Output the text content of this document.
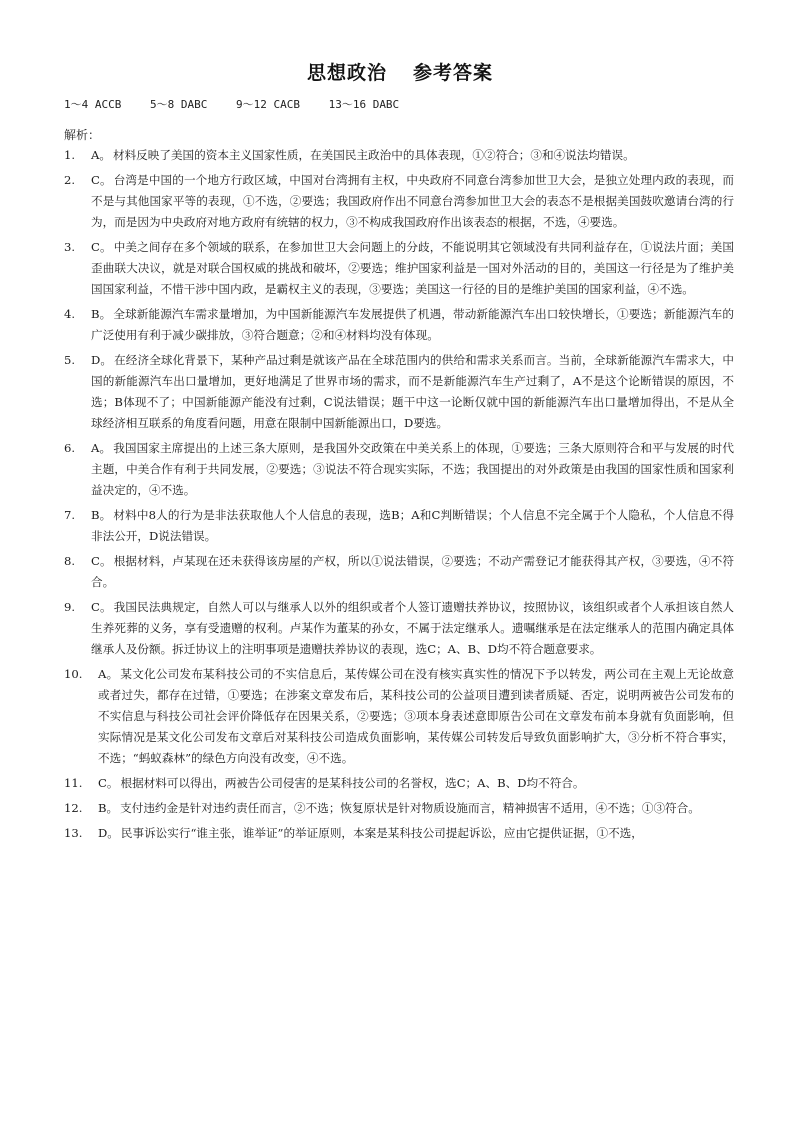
思想政治 参考答案
1～4 ACCB	5～8 DABC	9～12 CACB	13～16 DABC
解析：
1.	A。 材料反映了美国的资本主义国家性质，在美国民主政治中的具体表现，①②符合；③和④说法均错误。
2.	C。 台湾是中国的一个地方行政区域，中国对台湾拥有主权，中央政府不同意台湾参加世卫大会，是独立处理内政的表现，而不是与其他国家平等的表现，①不选，②要选；我国政府作出不同意台湾参加世卫大会的表态不是根据美国鼓吹邀请台湾的行为，而是因为中央政府对地方政府有统辖的权力，③不构成我国政府作出该表态的根据，不选，④要选。
3.	C。 中美之间存在多个领域的联系，在参加世卫大会问题上的分歧，不能说明其它领域没有共同利益存在，①说法片面；美国歪曲联大决议，就是对联合国权威的挑战和破坏，②要选；维护国家利益是一国对外活动的目的，美国这一行径是为了维护美国国家利益，不惜干涉中国内政，是霸权主义的表现，③要选；美国这一行径的目的是维护美国的国家利益，④不选。
4.	B。 全球新能源汽车需求量增加，为中国新能源汽车发展提供了机遇，带动新能源汽车出口较快增长，①要选；新能源汽车的广泛使用有利于减少碳排放，③符合题意；②和④材料均没有体现。
5.	D。 在经济全球化背景下，某种产品过剩是就该产品在全球范围内的供给和需求关系而言。当前，全球新能源汽车需求大，中国的新能源汽车出口量增加，更好地满足了世界市场的需求，而不是新能源汽车生产过剩了，A不是这个论断错误的原因，不选；B体现不了；中国新能源产能没有过剩，C说法错误；题干中这一论断仅就中国的新能源汽车出口量增加得出，不是从全球经济相互联系的角度看问题，用意在限制中国新能源出口，D要选。
6.	A。 我国国家主席提出的上述三条大原则，是我国外交政策在中美关系上的体现，①要选；三条大原则符合和平与发展的时代主题，中美合作有利于共同发展，②要选；③说法不符合现实实际，不选；我国提出的对外政策是由我国的国家性质和国家利益决定的，④不选。
7.	B。 材料中8人的行为是非法获取他人个人信息的表现，选B；A和C判断错误；个人信息不完全属于个人隐私，个人信息不得非法公开，D说法错误。
8.	C。 根据材料，卢某现在还未获得该房屋的产权，所以①说法错误，②要选；不动产需登记才能获得其产权，③要选，④不符合。
9.	C。 我国民法典规定，自然人可以与继承人以外的组织或者个人签订遗赠扶养协议，按照协议，该组织或者个人承担该自然人生养死葬的义务，享有受遗赠的权利。卢某作为董某的孙女，不属于法定继承人。遗嘱继承是在法定继承人的范围内确定具体继承人及份额。拆迁协议上的注明事项是遗赠扶养协议的表现，选C；A、B、D均不符合题意要求。
10.	A。 某文化公司发布某科技公司的不实信息后，某传媒公司在没有核实真实性的情况下予以转发，两公司在主观上无论故意或者过失，都存在过错，①要选；在涉案文章发布后，某科技公司的公益项目遭到读者质疑、否定，说明两被告公司发布的不实信息与科技公司社会评价降低存在因果关系，②要选；③项本身表述意即原告公司在文章发布前本身就有负面影响，但实际情况是某文化公司发布文章后对某科技公司造成负面影响，某传媒公司转发后导致负面影响扩大，③分析不符合事实，不选；“蚂蚁森林”的绿色方向没有改变，④不选。
11.	C。 根据材料可以得出，两被告公司侵害的是某科技公司的名誉权，选C；A、B、D均不符合。
12.	B。 支付违约金是针对违约责任而言，②不选；恢复原状是针对物质设施而言，精神损害不适用，④不选；①③符合。
13.	D。 民事诉讼实行“谁主张，谁举证”的举证原则，本案是某科技公司提起诉讼，应由它提供证据，①不选，
